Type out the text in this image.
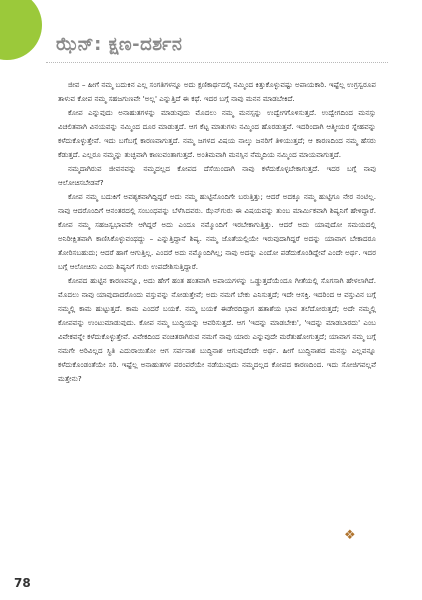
ಝೆನ್: ಕ್ಷಣ-ದರ್ಶನ

ಜೀವ – ಹೀಗೆ ನಮ್ಮ ಬದುಕಿನ ಎಲ್ಲ ಸಂಗತಿಗಳನ್ನೂ ಅದು ಕ್ಷಣಿಕಾರ್ಥದಲ್ಲಿ ನಮ್ಮಿಂದ ಕಿತ್ತುಕೊಳ್ಳುವಷ್ಟು ಅಪಾಯಕಾರಿ. ಇಷ್ಟೆಲ್ಲ ಉಗ್ರಸ್ವರೂಪ ತಾಳುವ ಕೋಪ ನಮ್ಮ ಸಹಜಗುಣವೇ 'ಅಲ್ಲ' ಎನ್ನುತ್ತಿದೆ ಈ ಕಥೆ. ಇದರ ಬಗ್ಗೆ ನಾವು ಮನನ ಮಾಡಬೇಕಿದೆ.

ಕೋಪ ಎನ್ನುವುದು ಅನಾಹುತಗಳನ್ನು ಮಾಡುವುದು ಮೊದಲು ನಮ್ಮ ಮನಸ್ಸನ್ನು ಉದ್ವೇಗಗೊಳಿಸುತ್ತದೆ. ಉದ್ವೇಗದಿಂದ ಮನಸ್ಸು ವಿಚಲಿತವಾಗಿ ವಿನಯವನ್ನು ನಮ್ಮಿಂದ ದೂರ ಮಾಡುತ್ತದೆ. ಆಗ ಕೆಟ್ಟ ಮಾತುಗಳು ನಮ್ಮಿಂದ ಹೊರಡುತ್ತವೆ. ಇದರಿಂದಾಗಿ ಆತ್ಮೀಯರ ಸ್ನೇಹವನ್ನು ಕಳೆದುಕೊಳ್ಳುತ್ತೇವೆ. ಇದು ಬಗೆಬಗ್ಗೆ ಕಾರಣವಾಗುತ್ತದೆ. ನಮ್ಮ ಜಗಳದ ವಿಷಯ ನಾಲ್ಕು ಜನರಿಗೆ ತಿಳಿಯುತ್ತದೆ; ಆ ಕಾರಣದಿಂದ ನಮ್ಮ ಹೆಸರು ಕೆಡುತ್ತದೆ. ಎಲ್ಲರೂ ನಮ್ಮನ್ನು ತುಚ್ಛವಾಗಿ ಕಾಣುವಂತಾಗುತ್ತದೆ. ಅಂತಿಮವಾಗಿ ಮನಸ್ಸಿನ ನೆಮ್ಮದಿಯ ನಮ್ಮಿಂದ ಮಾಯವಾಗುತ್ತದೆ.

ನಮ್ಮದಾಗಿರುವ ಜೀವನವನ್ನು ನಮ್ಮದಲ್ಲದ ಕೋಪದ ದೆಸೆಯಿಂದಾಗಿ ನಾವು ಕಳೆದುಕೊಳ್ಳಬೇಕಾಗುತ್ತದೆ. ಇದರ ಬಗ್ಗೆ ನಾವು ಆಲೋಚಿಸಬೇಡವೆ?

ಕೋಪ ನಮ್ಮ ಬದುಕಿಗೆ ಅವಶ್ಯಕವಾಗಿದ್ದಿದ್ದರೆ ಅದು ನಮ್ಮ ಹುಟ್ಟಿನೊಂದಿಗೇ ಬರುತ್ತಿತ್ತು; ಆದರೆ ಅದಕ್ಕೂ ನಮ್ಮ ಹುಟ್ಟಿಗೂ ನೇರ ನಂಟಿಲ್ಲ. ನಾವು ಆದರೊಂದಿಗೆ ಆನಂತರದಲ್ಲಿ ಸಂಬಂಧವನ್ನು ಬೆಳೆಸಿದವರು. ಝೆನ್‌ಗುರು ಈ ವಿಷಯವನ್ನು ತುಂಬ ಮಾರ್ಮಿಕವಾಗಿ ಶಿಷ್ಯನಿಗೆ ಹೇಳಿದ್ದಾರೆ. ಕೋಪ ನಮ್ಮ ಸಹಜಸ್ವಭಾವವೇ ಆಗಿದ್ದರೆ ಅದು ಎಂದೂ ನಮ್ಮೊಂದಿಗೆ ಇರಬೇಕಾಗುತ್ತಿತ್ತು. ಆದರೆ ಅದು ಯಾವುದೋ ಸಮಯದಲ್ಲಿ ಅನಿರೀಕ್ಷಿತವಾಗಿ ಕಾಣಿಸಿಕೊಳ್ಳುವಂಥದ್ದು – ಎನ್ನುತ್ತಿದ್ದಾನೆ ಶಿಷ್ಯ. ನಮ್ಮ ಜೊತೆಯಲ್ಲಿಯೇ ಇರುವುದಾಗಿದ್ದರೆ ಅದನ್ನು ಯಾವಾಗ ಬೇಕಾದರೂ ತೋರಿಸಬಹುದು; ಆದರೆ ಹಾಗೆ ಆಗುತ್ತಿಲ್ಲ. ಎಂದರೆ ಅದು ನಮ್ಮೊಂದಿಗಿಲ್ಲ; ನಾವು ಅದನ್ನು ಎಂದೋ ಪಡೆದುಕೊಂಡಿದ್ದೇವೆ ಎಂದೇ ಅರ್ಥ. ಇದರ ಬಗ್ಗೆ ಆಲೋಚಿಸು ಎಂದು ಶಿಷ್ಯನಿಗೆ ಗುರು ಉಪದೇಶಿಸುತ್ತಿದ್ದಾರೆ.

ಕೋಪದ ಹುಟ್ಟಿನ ಕಾರಣವನ್ನೂ, ಅದು ಹೇಗೆ ಹಂತ ಹಂತವಾಗಿ ಅಪಾಯಗಳನ್ನು ಒಡ್ಡುತ್ತದೆಯೆಂದೂ ಗೀತೆಯಲ್ಲಿ ಸೊಗಸಾಗಿ ಹೇಳಲಾಗಿದೆ. ಮೊದಲು ನಾವು ಯಾವುದಾದರೊಂದು ವಸ್ತುವನ್ನು ನೋಡುತ್ತೇವೆ; ಅದು ನಮಗೆ ಬೇಕು ಎನಿಸುತ್ತದೆ; ಇದೇ ಆಸಕ್ತಿ. ಇದರಿಂದ ಆ ವಸ್ತುವಿನ ಬಗ್ಗೆ ನಮ್ಮಲ್ಲಿ ಕಾಮ ಹುಟ್ಟುತ್ತದೆ. ಕಾಮ ಎಂದರೆ ಬಯಕೆ. ನಮ್ಮ ಬಯಕೆ ಈಡೇರದಿದ್ದಾಗ ಹತಾಶೆಯ ಭಾವ ತಲೆದೋರುತ್ತದೆ; ಅದೇ ನಮ್ಮಲ್ಲಿ ಕೋಪವನ್ನು ಉಂಟುಮಾಡುವುದು. ಕೋಪ ನಮ್ಮ ಬುದ್ಧಿಯನ್ನು ಆವರಿಸುತ್ತದೆ. ಆಗ 'ಇದನ್ನು ಮಾಡಬೇಕು', 'ಇದನ್ನು ಮಾಡಬಾರದು' ಎಂಬ ವಿವೇಕವನ್ನೇ ಕಳೆದುಕೊಳ್ಳುತ್ತೇವೆ. ವಿವೇಕದಿಂದ ವಂಚಿತರಾಗಿರುವ ನಮಗೆ ನಾವು ಯಾರು ಎನ್ನುವುದೇ ಮರೆತುಹೋಗುತ್ತದೆ; ಯಾವಾಗ ನಮ್ಮ ಬಗ್ಗೆ ನಮಗೇ ಅರಿವಿಲ್ಲದ ಸ್ಥಿತಿ ಎದುರಾಯಿತೋ ಆಗ ಸರ್ವನಾಶ ಬುದ್ಧಿನಾಶ ಆಗುವುದೆಂದೇ ಅರ್ಥ. ಹೀಗೆ ಬುದ್ಧಿನಾಶದ ಮನಸ್ಸು ಎಲ್ಲವನ್ನೂ ಕಳೆದುಕೊಂಡಂತೆಯೇ ಸರಿ. ಇಷ್ಟೆಲ್ಲ ಅನಾಹುತಗಳ ಪರಂಪರೆಯೇ ನಡೆಯುವುದು ನಮ್ಮದಲ್ಲದ ಕೋಪದ ಕಾರಣದಿಂದ. ಇದು ಸೋಜಿಗವಲ್ಲವೆ ಮತ್ತೇನು?

❖
78
